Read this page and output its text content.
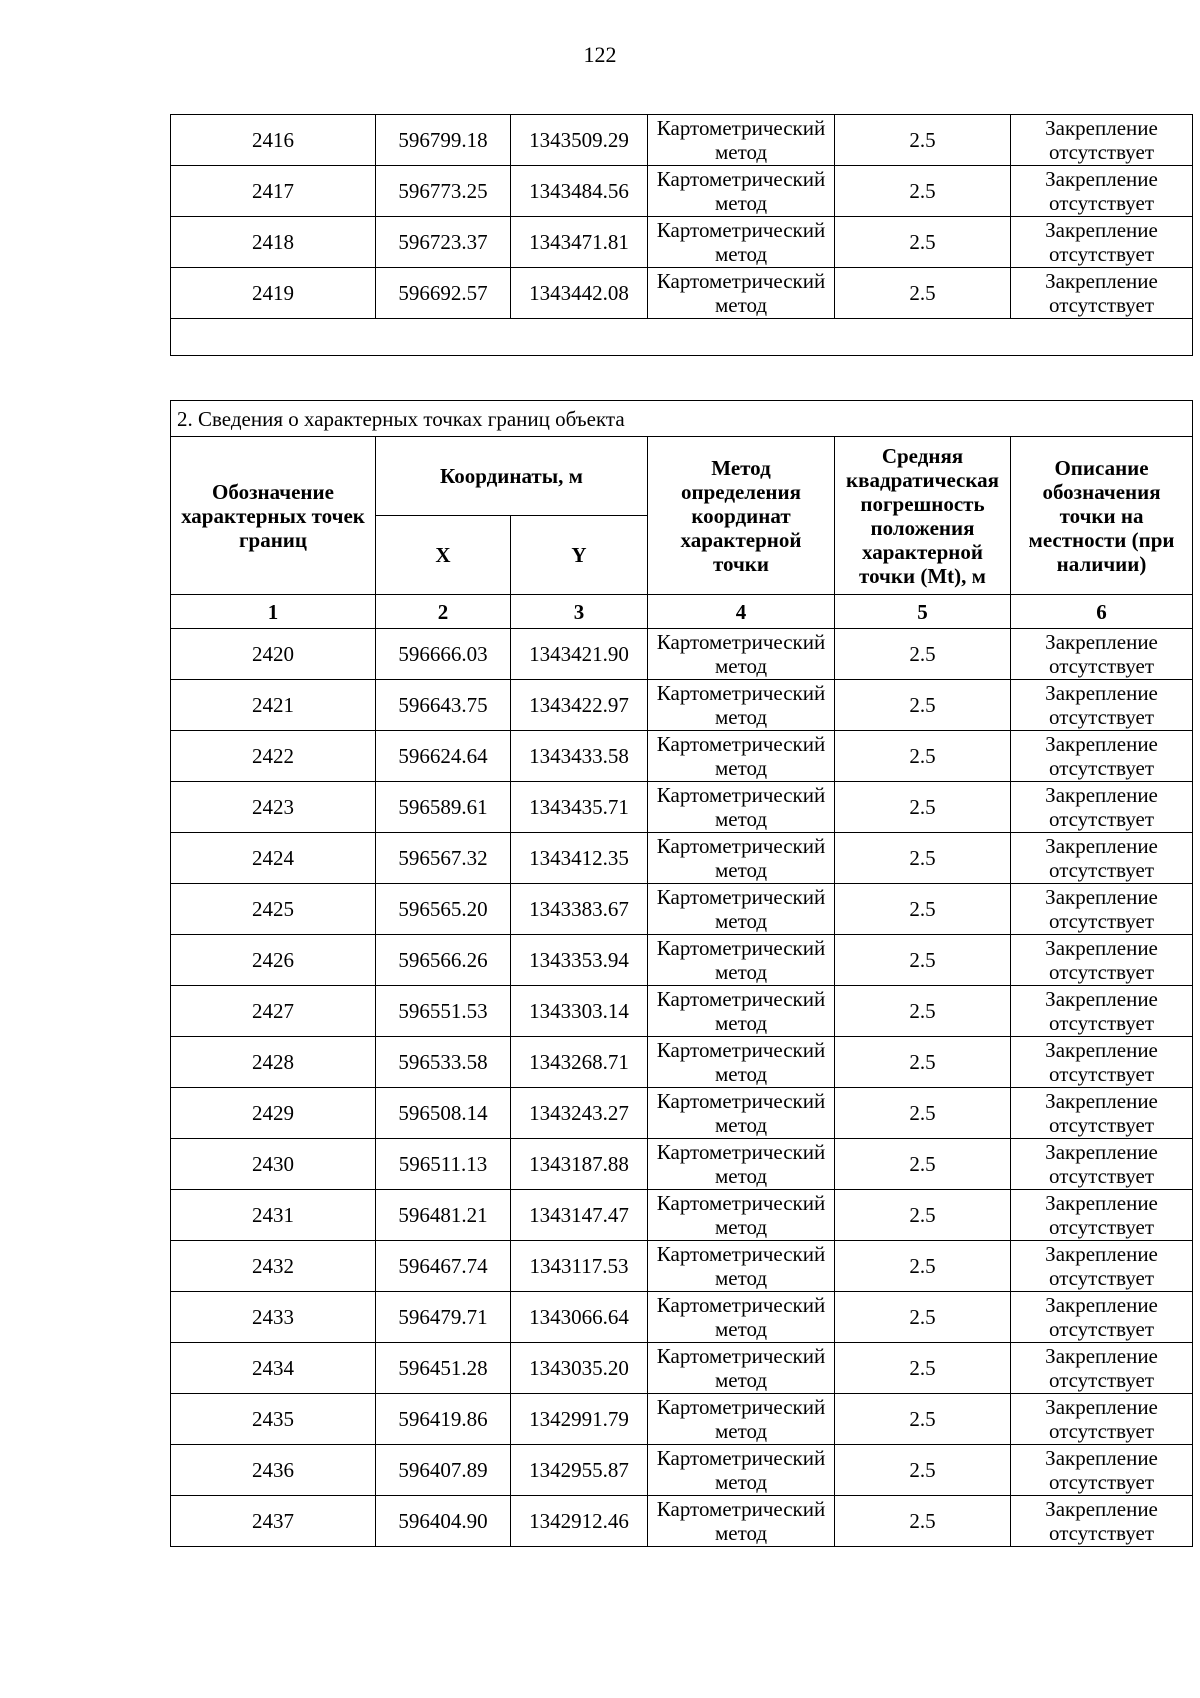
122
2416	596799.18	1343509.29	Картометрический метод	2.5	Закрепление отсутствует
2417	596773.25	1343484.56	Картометрический метод	2.5	Закрепление отсутствует
2418	596723.37	1343471.81	Картометрический метод	2.5	Закрепление отсутствует
2419	596692.57	1343442.08	Картометрический метод	2.5	Закрепление отсутствует

2. Сведения о характерных точках границ объекта					
Обозначение характерных точек границ	Координаты, м		Метод определения координат характерной точки	Средняя квадратическая погрешность положения характерной точки (Mt), м	Описание обозначения точки на местности (при наличии)
	X	Y			
1	2	3	4	5	6
2420	596666.03	1343421.90	Картометрический метод	2.5	Закрепление отсутствует
2421	596643.75	1343422.97	Картометрический метод	2.5	Закрепление отсутствует
2422	596624.64	1343433.58	Картометрический метод	2.5	Закрепление отсутствует
2423	596589.61	1343435.71	Картометрический метод	2.5	Закрепление отсутствует
2424	596567.32	1343412.35	Картометрический метод	2.5	Закрепление отсутствует
2425	596565.20	1343383.67	Картометрический метод	2.5	Закрепление отсутствует
2426	596566.26	1343353.94	Картометрический метод	2.5	Закрепление отсутствует
2427	596551.53	1343303.14	Картометрический метод	2.5	Закрепление отсутствует
2428	596533.58	1343268.71	Картометрический метод	2.5	Закрепление отсутствует
2429	596508.14	1343243.27	Картометрический метод	2.5	Закрепление отсутствует
2430	596511.13	1343187.88	Картометрический метод	2.5	Закрепление отсутствует
2431	596481.21	1343147.47	Картометрический метод	2.5	Закрепление отсутствует
2432	596467.74	1343117.53	Картометрический метод	2.5	Закрепление отсутствует
2433	596479.71	1343066.64	Картометрический метод	2.5	Закрепление отсутствует
2434	596451.28	1343035.20	Картометрический метод	2.5	Закрепление отсутствует
2435	596419.86	1342991.79	Картометрический метод	2.5	Закрепление отсутствует
2436	596407.89	1342955.87	Картометрический метод	2.5	Закрепление отсутствует
2437	596404.90	1342912.46	Картометрический метод	2.5	Закрепление отсутствует
